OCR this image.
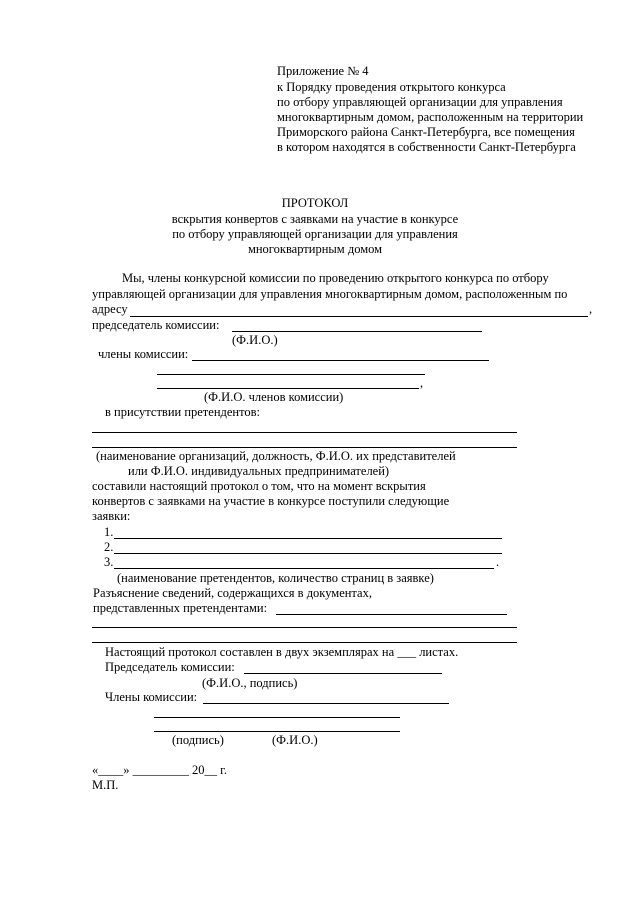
Приложение № 4
к Порядку проведения открытого конкурса
по отбору управляющей организации для управления
многоквартирным домом, расположенным на территории
Приморского района Санкт-Петербурга, все помещения
в котором находятся в собственности Санкт-Петербурга
ПРОТОКОЛ
вскрытия конвертов с заявками на участие в конкурсе
по отбору управляющей организации для управления
многоквартирным домом
Мы, члены конкурсной комиссии по проведению открытого конкурса по отбору
управляющей организации для управления многоквартирным домом, расположенным по
адресу	,
председатель комиссии:
(Ф.И.О.)
члены комиссии:
,
(Ф.И.О. членов комиссии)
в присутствии претендентов:
(наименование организаций, должность, Ф.И.О. их представителей
или Ф.И.О. индивидуальных предпринимателей)
составили настоящий протокол о том, что на момент вскрытия
конвертов с заявками на участие в конкурсе поступили следующие
заявки:
1.
2.
3.	.
(наименование претендентов, количество страниц в заявке)
Разъяснение сведений, содержащихся в документах,
представленных претендентами:
Настоящий протокол составлен в двух экземплярах на ___ листах.
Председатель комиссии:
(Ф.И.О., подпись)
Члены комиссии:
(подпись)	(Ф.И.О.)
«____» _________ 20__ г.
М.П.
